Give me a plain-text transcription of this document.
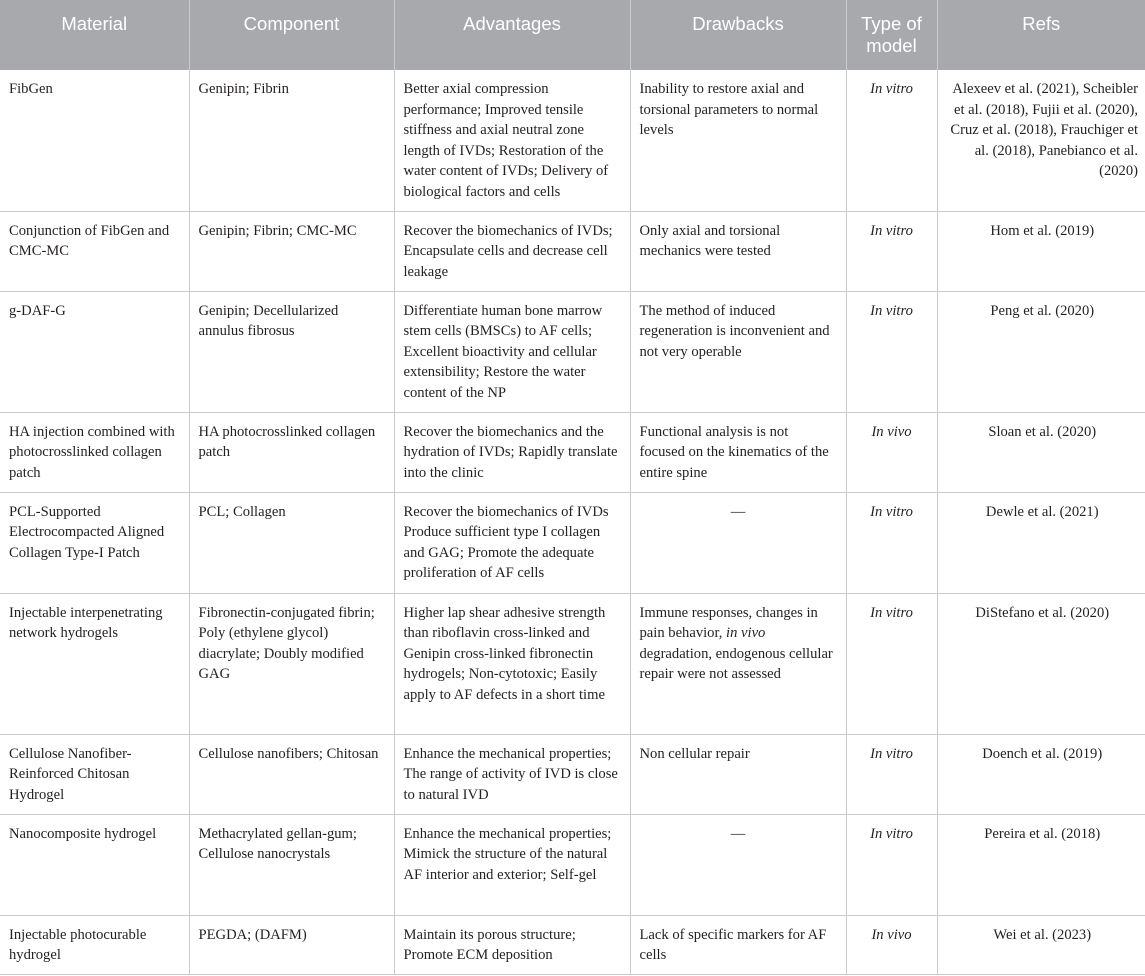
Material	Component	Advantages	Drawbacks	Type of model	Refs
FibGen	Genipin; Fibrin	Better axial compression performance; Improved tensile stiffness and axial neutral zone length of IVDs; Restoration of the water content of IVDs; Delivery of biological factors and cells	Inability to restore axial and torsional parameters to normal levels	In vitro	Alexeev et al. (2021), Scheibler et al. (2018), Fujii et al. (2020), Cruz et al. (2018), Frauchiger et al. (2018), Panebianco et al. (2020)
Conjunction of FibGen and CMC-MC	Genipin; Fibrin; CMC-MC	Recover the biomechanics of IVDs; Encapsulate cells and decrease cell leakage	Only axial and torsional mechanics were tested	In vitro	Hom et al. (2019)
g-DAF-G	Genipin; Decellularized annulus fibrosus	Differentiate human bone marrow stem cells (BMSCs) to AF cells; Excellent bioactivity and cellular extensibility; Restore the water content of the NP	The method of induced regeneration is inconvenient and not very operable	In vitro	Peng et al. (2020)
HA injection combined with photocrosslinked collagen patch	HA photocrosslinked collagen patch	Recover the biomechanics and the hydration of IVDs; Rapidly translate into the clinic	Functional analysis is not focused on the kinematics of the entire spine	In vivo	Sloan et al. (2020)
PCL-Supported Electrocompacted Aligned Collagen Type-I Patch	PCL; Collagen	Recover the biomechanics of IVDs Produce sufficient type I collagen and GAG; Promote the adequate proliferation of AF cells	—	In vitro	Dewle et al. (2021)
Injectable interpenetrating network hydrogels	Fibronectin-conjugated fibrin; Poly (ethylene glycol) diacrylate; Doubly modified GAG	Higher lap shear adhesive strength than riboflavin cross-linked and Genipin cross-linked fibronectin hydrogels; Non-cytotoxic; Easily apply to AF defects in a short time	Immune responses, changes in pain behavior, in vivo degradation, endogenous cellular repair were not assessed	In vitro	DiStefano et al. (2020)
Cellulose Nanofiber-Reinforced Chitosan Hydrogel	Cellulose nanofibers; Chitosan	Enhance the mechanical properties; The range of activity of IVD is close to natural IVD	Non cellular repair	In vitro	Doench et al. (2019)
Nanocomposite hydrogel	Methacrylated gellan-gum; Cellulose nanocrystals	Enhance the mechanical properties; Mimick the structure of the natural AF interior and exterior; Self-gel	—	In vitro	Pereira et al. (2018)
Injectable photocurable hydrogel	PEGDA; (DAFM)	Maintain its porous structure; Promote ECM deposition	Lack of specific markers for AF cells	In vivo	Wei et al. (2023)
